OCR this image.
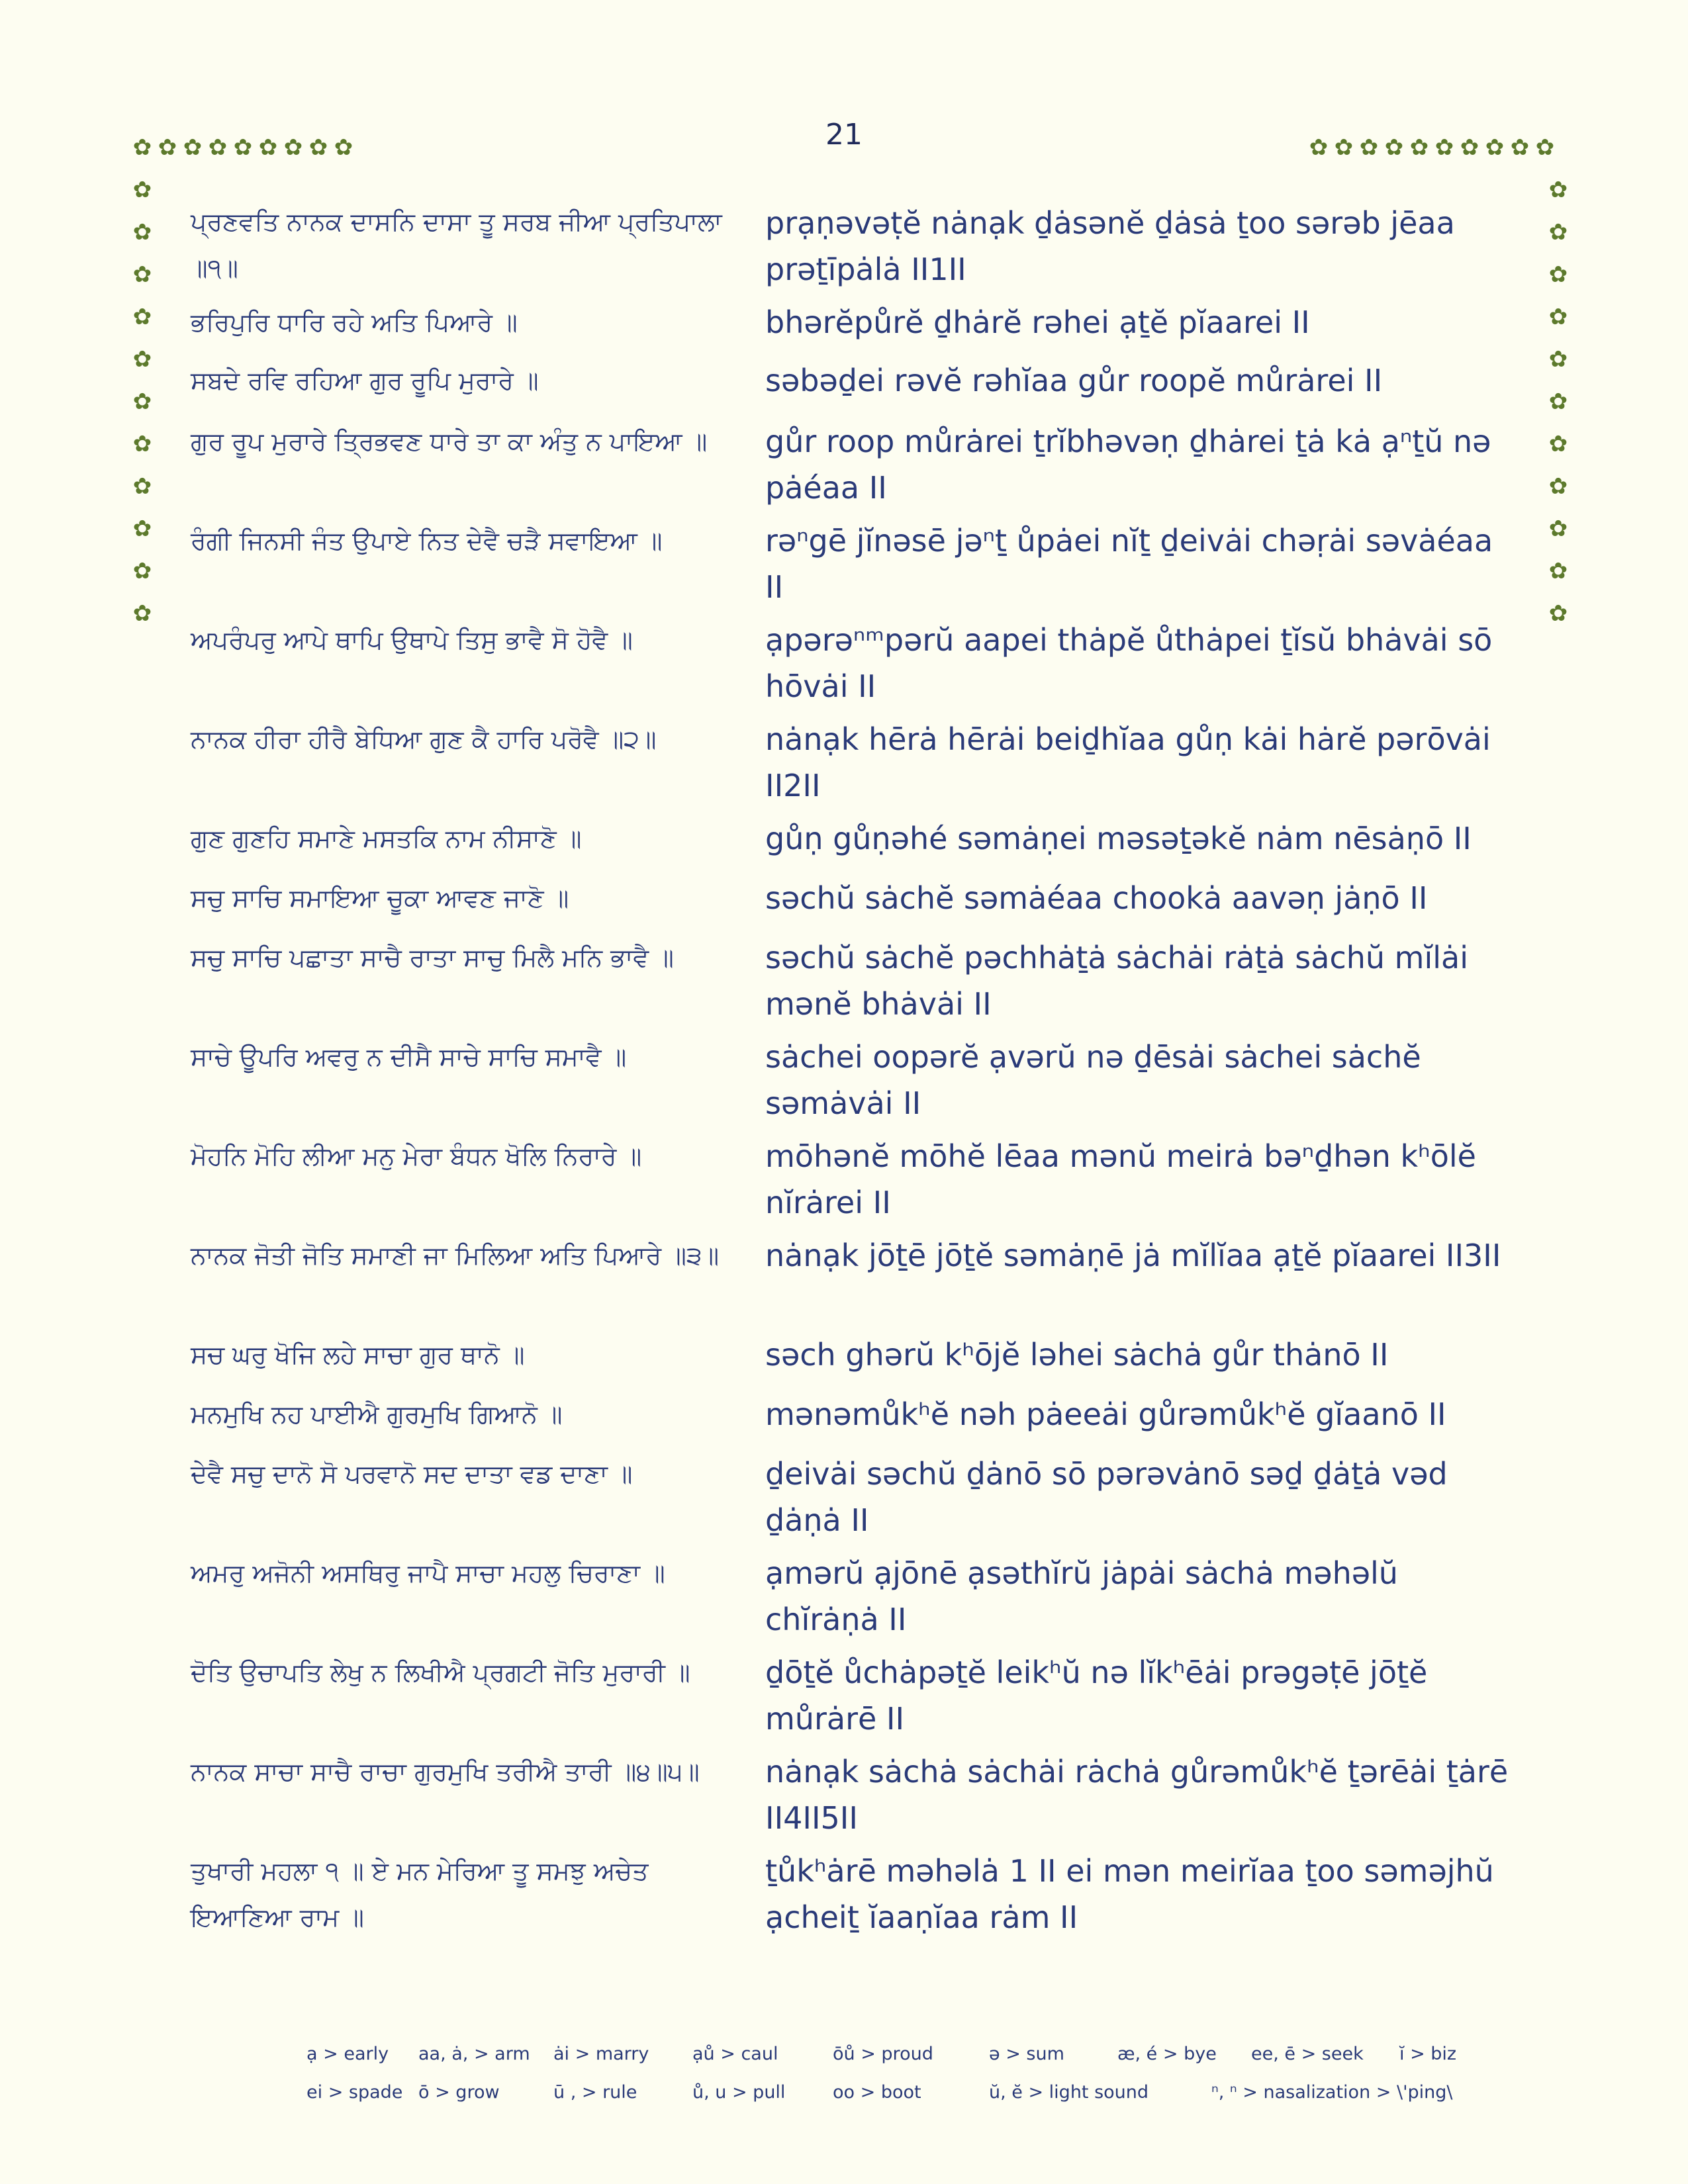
21
✿ ✿ ✿ ✿ ✿ ✿ ✿ ✿ ✿	✿ ✿ ✿ ✿ ✿ ✿ ✿ ✿ ✿ ✿
✿
✿
✿
✿
✿
✿
✿
✿
✿
✿
✿
✿
✿
✿
✿
✿
✿
✿
✿
✿
✿
✿
ਪ੍ਰਣਵਤਿ ਨਾਨਕ ਦਾਸਨਿ ਦਾਸਾ ਤੂ ਸਰਬ ਜੀਆ ਪ੍ਰਤਿਪਾਲਾ ॥੧॥
prạṇəvəṭĕ nȧnạk ḏȧsənĕ ḏȧsȧ ṯoo sərəb jēaa prəṯīpȧlȧ II1II
ਭਰਿਪੁਰਿ ਧਾਰਿ ਰਹੇ ਅਤਿ ਪਿਆਰੇ ॥	bhərĕpůrĕ ḏhȧrĕ rəhei ạṯĕ pĭaarei II
ਸਬਦੇ ਰਵਿ ਰਹਿਆ ਗੁਰ ਰੂਪਿ ਮੁਰਾਰੇ ॥	səbəḏei rəvĕ rəhĭaa gůr roopĕ můrȧrei II
ਗੁਰ ਰੂਪ ਮੁਰਾਰੇ ਤ੍ਰਿਭਵਣ ਧਾਰੇ ਤਾ ਕਾ ਅੰਤੁ ਨ ਪਾਇਆ ॥	gůr roop můrȧrei ṯrĭbhəvəṇ ḏhȧrei ṯȧ kȧ ạⁿṯŭ nə pȧéaa II
ਰੰਗੀ ਜਿਨਸੀ ਜੰਤ ਉਪਾਏ ਨਿਤ ਦੇਵੈ ਚੜੈ ਸਵਾਇਆ ॥	rəⁿgē jĭnəsē jəⁿṯ ůpȧei nĭṯ ḏeivȧi chəṛȧi səvȧéaa II
ਅਪਰੰਪਰੁ ਆਪੇ ਥਾਪਿ ਉਥਾਪੇ ਤਿਸੁ ਭਾਵੈ ਸੋ ਹੋਵੈ ॥	ạpərəⁿᵐpərŭ aapei thȧpĕ ůthȧpei ṯĭsŭ bhȧvȧi sō hōvȧi II
ਨਾਨਕ ਹੀਰਾ ਹੀਰੈ ਬੇਧਿਆ ਗੁਣ ਕੈ ਹਾਰਿ ਪਰੋਵੈ ॥੨॥	nȧnạk hērȧ hērȧi beiḏhĭaa gůṇ kȧi hȧrĕ pərōvȧi II2II
ਗੁਣ ਗੁਣਹਿ ਸਮਾਣੇ ਮਸਤਕਿ ਨਾਮ ਨੀਸਾਣੋ ॥	gůṇ gůṇəhé səmȧṇei məsəṯəkĕ nȧm nēsȧṇō II
ਸਚੁ ਸਾਚਿ ਸਮਾਇਆ ਚੂਕਾ ਆਵਣ ਜਾਣੋ ॥	səchŭ sȧchĕ səmȧéaa chookȧ aavəṇ jȧṇō II
ਸਚੁ ਸਾਚਿ ਪਛਾਤਾ ਸਾਚੈ ਰਾਤਾ ਸਾਚੁ ਮਿਲੈ ਮਨਿ ਭਾਵੈ ॥	səchŭ sȧchĕ pəchhȧṯȧ sȧchȧi rȧṯȧ sȧchŭ mĭlȧi mənĕ bhȧvȧi II
ਸਾਚੇ ਊਪਰਿ ਅਵਰੁ ਨ ਦੀਸੈ ਸਾਚੇ ਸਾਚਿ ਸਮਾਵੈ ॥	sȧchei oopərĕ ạvərŭ nə ḏēsȧi sȧchei sȧchĕ səmȧvȧi II
ਮੋਹਨਿ ਮੋਹਿ ਲੀਆ ਮਨੁ ਮੇਰਾ ਬੰਧਨ ਖੋਲਿ ਨਿਰਾਰੇ ॥	mōhənĕ mōhĕ lēaa mənŭ meirȧ bəⁿḏhən kʰōlĕ nĭrȧrei II
ਨਾਨਕ ਜੋਤੀ ਜੋਤਿ ਸਮਾਣੀ ਜਾ ਮਿਲਿਆ ਅਤਿ ਪਿਆਰੇ ॥੩॥	nȧnạk jōṯē jōṯĕ səmȧṇē jȧ mĭlĭaa ạṯĕ pĭaarei II3II
ਸਚ ਘਰੁ ਖੋਜਿ ਲਹੇ ਸਾਚਾ ਗੁਰ ਥਾਨੋ ॥	səch ghərŭ kʰōjĕ ləhei sȧchȧ gůr thȧnō II
ਮਨਮੁਖਿ ਨਹ ਪਾਈਐ ਗੁਰਮੁਖਿ ਗਿਆਨੋ ॥	mənəmůkʰĕ nəh pȧeeȧi gůrəmůkʰĕ gĭaanō II
ਦੇਵੈ ਸਚੁ ਦਾਨੋ ਸੋ ਪਰਵਾਨੋ ਸਦ ਦਾਤਾ ਵਡ ਦਾਣਾ ॥	ḏeivȧi səchŭ ḏȧnō sō pərəvȧnō səḏ ḏȧṯȧ vəd ḏȧṇȧ II
ਅਮਰੁ ਅਜੋਨੀ ਅਸਥਿਰੁ ਜਾਪੈ ਸਾਚਾ ਮਹਲੁ ਚਿਰਾਣਾ ॥	ạmərŭ ạjōnē ạsəthĭrŭ jȧpȧi sȧchȧ məhəlŭ chĭrȧṇȧ II
ਦੋਤਿ ਉਚਾਪਤਿ ਲੇਖੁ ਨ ਲਿਖੀਐ ਪ੍ਰਗਟੀ ਜੋਤਿ ਮੁਰਾਰੀ ॥	ḏōṯĕ ůchȧpəṯĕ leikʰŭ nə lĭkʰēȧi prəgəṭē jōṯĕ můrȧrē II
ਨਾਨਕ ਸਾਚਾ ਸਾਚੈ ਰਾਚਾ ਗੁਰਮੁਖਿ ਤਰੀਐ ਤਾਰੀ ॥੪॥੫॥	nȧnạk sȧchȧ sȧchȧi rȧchȧ gůrəmůkʰĕ ṯərēȧi ṯȧrē II4II5II
ਤੁਖਾਰੀ ਮਹਲਾ ੧ ॥ ਏ ਮਨ ਮੇਰਿਆ ਤੂ ਸਮਝੁ ਅਚੇਤ ਇਆਣਿਆ ਰਾਮ ॥
ṯůkʰȧrē məhəlȧ 1 II ei mən meirĭaa ṯoo səməjhŭ ạcheiṯ ĭaaṇĭaa rȧm II
ạ > early aa, ȧ, > arm ȧi > marry ạů > caul	ōů > proud	ə > sum	æ, é > bye ee, ē > seek ĭ > biz
ei > spade ō > grow	ū , > rule	ů, u > pull	oo > boot	ŭ, ĕ > light sound	ⁿ, ⁿ > nasalization > \'ping\
